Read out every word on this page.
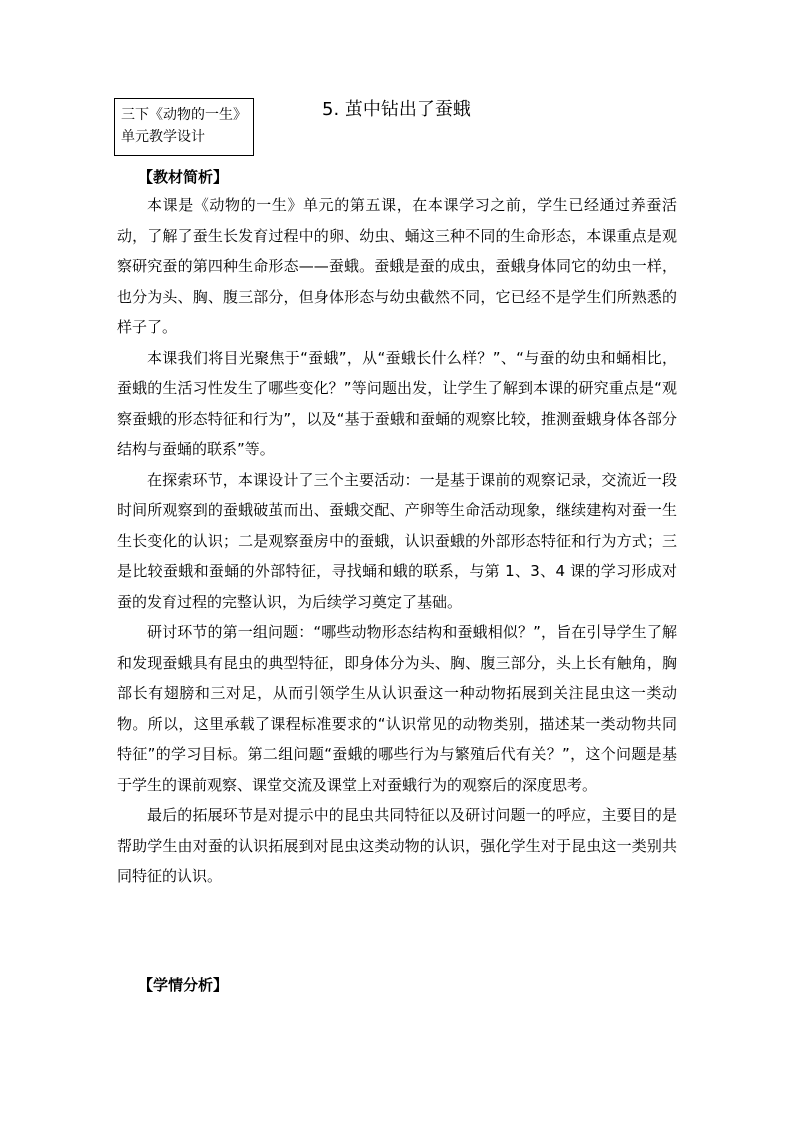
三下《动物的一生》
单元教学设计
5. 茧中钻出了蚕蛾
【教材简析】

本课是《动物的一生》单元的第五课，在本课学习之前，学生已经通过养蚕活动，了解了蚕生长发育过程中的卵、幼虫、蛹这三种不同的生命形态，本课重点是观察研究蚕的第四种生命形态——蚕蛾。蚕蛾是蚕的成虫，蚕蛾身体同它的幼虫一样，也分为头、胸、腹三部分，但身体形态与幼虫截然不同，它已经不是学生们所熟悉的样子了。

本课我们将目光聚焦于“蚕蛾”，从“蚕蛾长什么样？”、“与蚕的幼虫和蛹相比，蚕蛾的生活习性发生了哪些变化？”等问题出发，让学生了解到本课的研究重点是“观察蚕蛾的形态特征和行为”，以及“基于蚕蛾和蚕蛹的观察比较，推测蚕蛾身体各部分结构与蚕蛹的联系”等。

在探索环节，本课设计了三个主要活动：一是基于课前的观察记录，交流近一段时间所观察到的蚕蛾破茧而出、蚕蛾交配、产卵等生命活动现象，继续建构对蚕一生生长变化的认识；二是观察蚕房中的蚕蛾，认识蚕蛾的外部形态特征和行为方式；三是比较蚕蛾和蚕蛹的外部特征，寻找蛹和蛾的联系，与第 1、3、4 课的学习形成对蚕的发育过程的完整认识，为后续学习奠定了基础。

研讨环节的第一组问题：“哪些动物形态结构和蚕蛾相似？”，旨在引导学生了解和发现蚕蛾具有昆虫的典型特征，即身体分为头、胸、腹三部分，头上长有触角，胸部长有翅膀和三对足，从而引领学生从认识蚕这一种动物拓展到关注昆虫这一类动物。所以，这里承载了课程标准要求的“认识常见的动物类别，描述某一类动物共同特征”的学习目标。第二组问题“蚕蛾的哪些行为与繁殖后代有关？”，这个问题是基于学生的课前观察、课堂交流及课堂上对蚕蛾行为的观察后的深度思考。

最后的拓展环节是对提示中的昆虫共同特征以及研讨问题一的呼应，主要目的是帮助学生由对蚕的认识拓展到对昆虫这类动物的认识，强化学生对于昆虫这一类别共同特征的认识。

【学情分析】
